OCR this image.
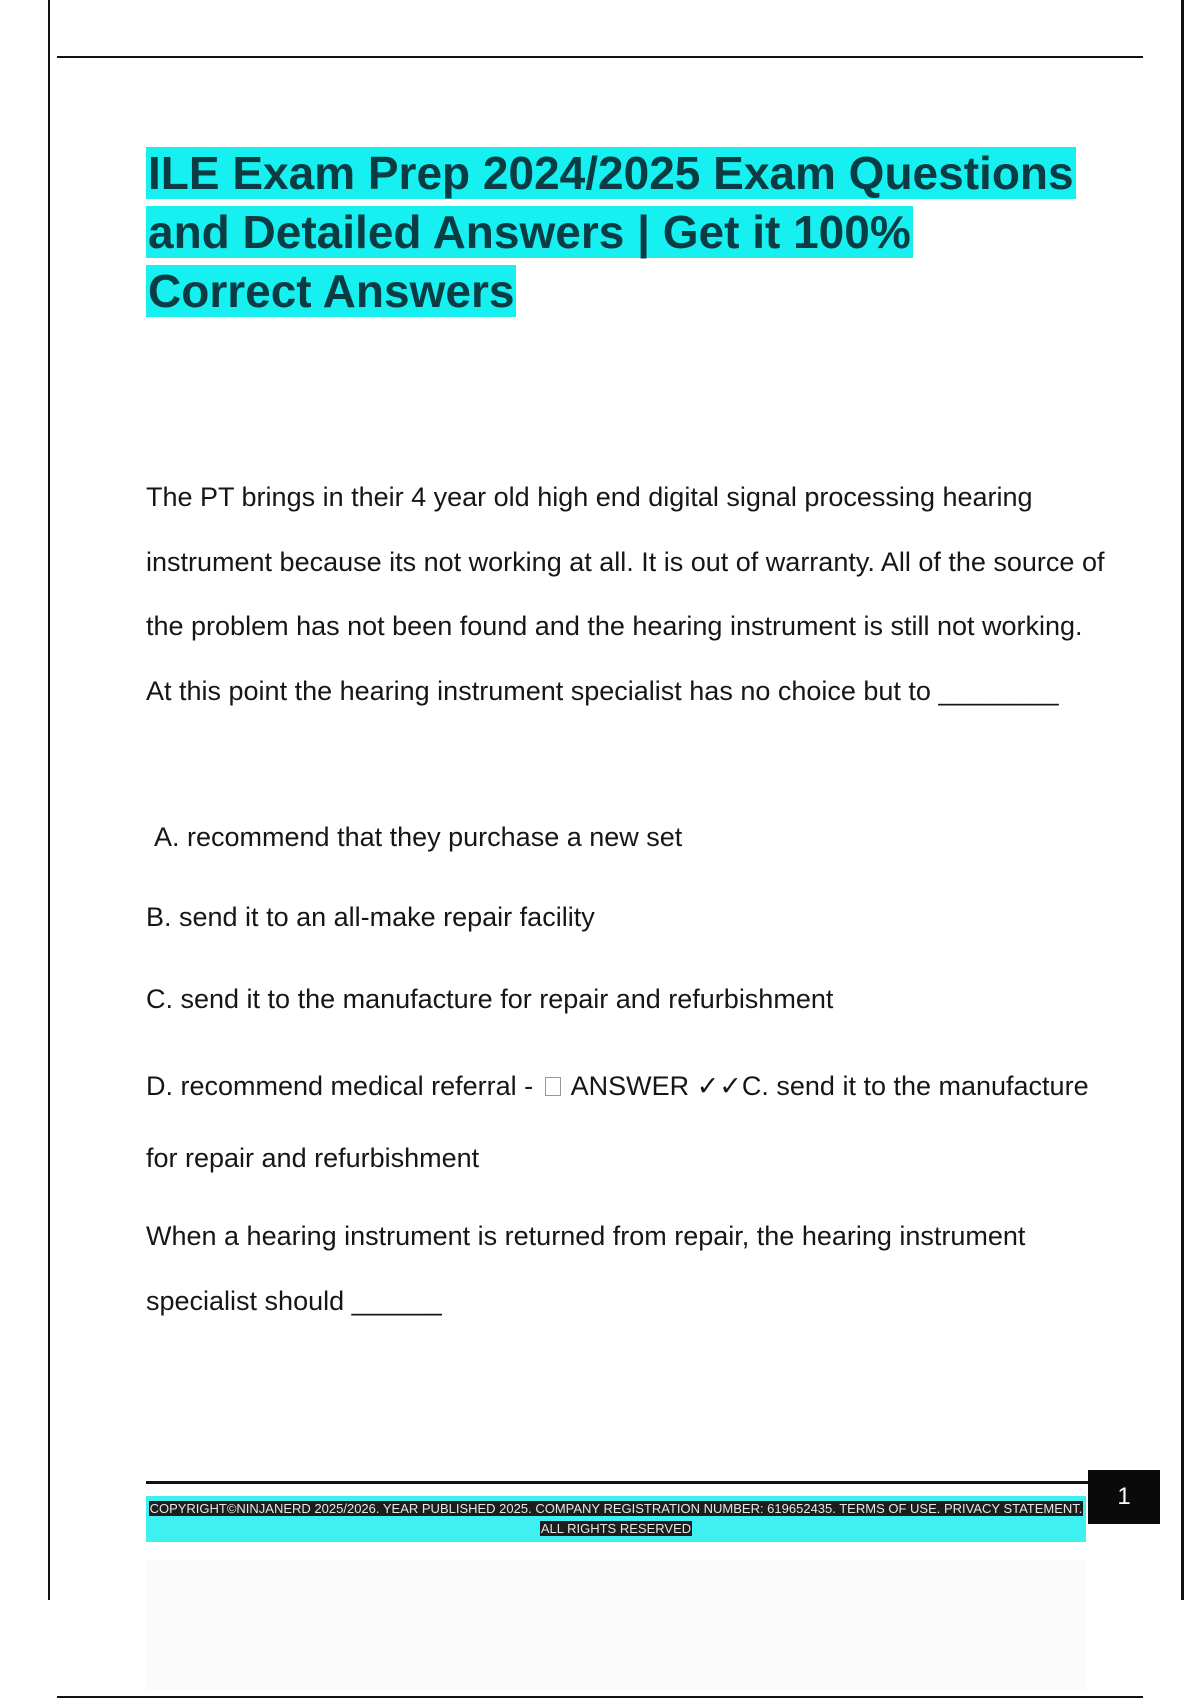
ILE Exam Prep 2024/2025 Exam Questions and Detailed Answers | Get it 100% Correct Answers

The PT brings in their 4 year old high end digital signal processing hearing instrument because its not working at all. It is out of warranty. All of the source of the problem has not been found and the hearing instrument is still not working. At this point the hearing instrument specialist has no choice but to ________

A. recommend that they purchase a new set

B. send it to an all-make repair facility

C. send it to the manufacture for repair and refurbishment

D. recommend medical referral -  ANSWER ✓✓C. send it to the manufacture for repair and refurbishment

When a hearing instrument is returned from repair, the hearing instrument specialist should ______

COPYRIGHT©NINJANERD 2025/2026. YEAR PUBLISHED 2025. COMPANY REGISTRATION NUMBER: 619652435. TERMS OF USE. PRIVACY STATEMENT. ALL RIGHTS RESERVED
1
